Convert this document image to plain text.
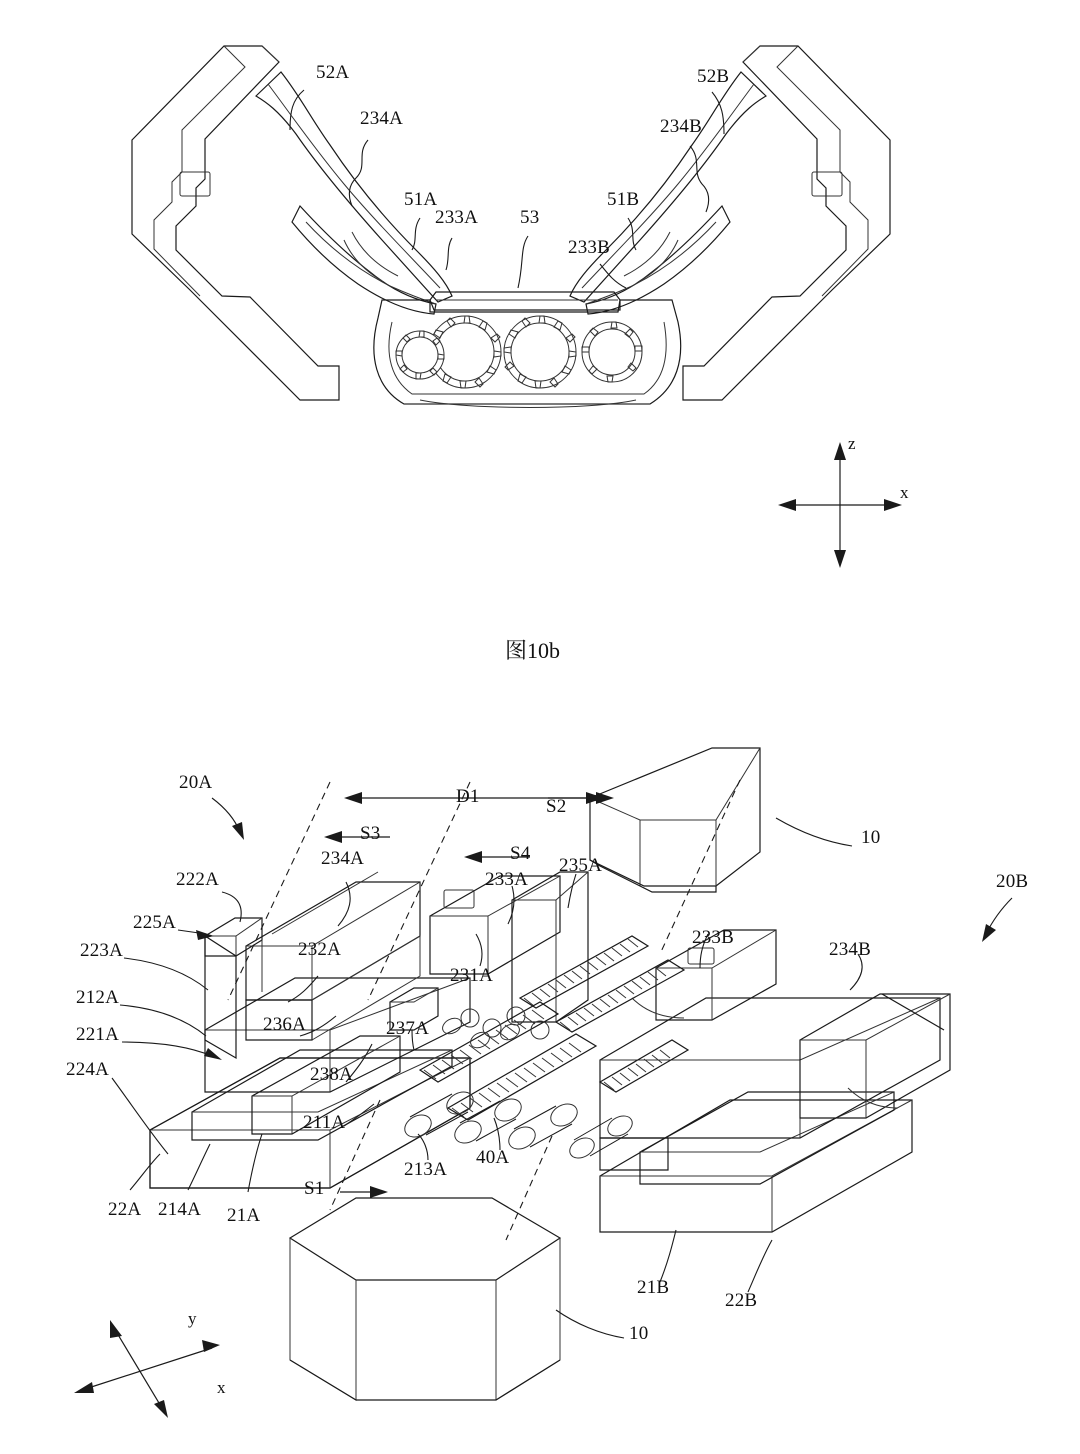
52A
234A
52B
234B
51A
233A 53
51B
233B
z
x
图10b
20A
D1	S2
10
S3
20B
222A
234A	S4
233A
235A
225A
223A	232A
231A
233B
234B
212A
236A	237A
221A
238A
224A
211A
213A
40A
S1
22A 214A 21A
21B
22B
10
y
x
